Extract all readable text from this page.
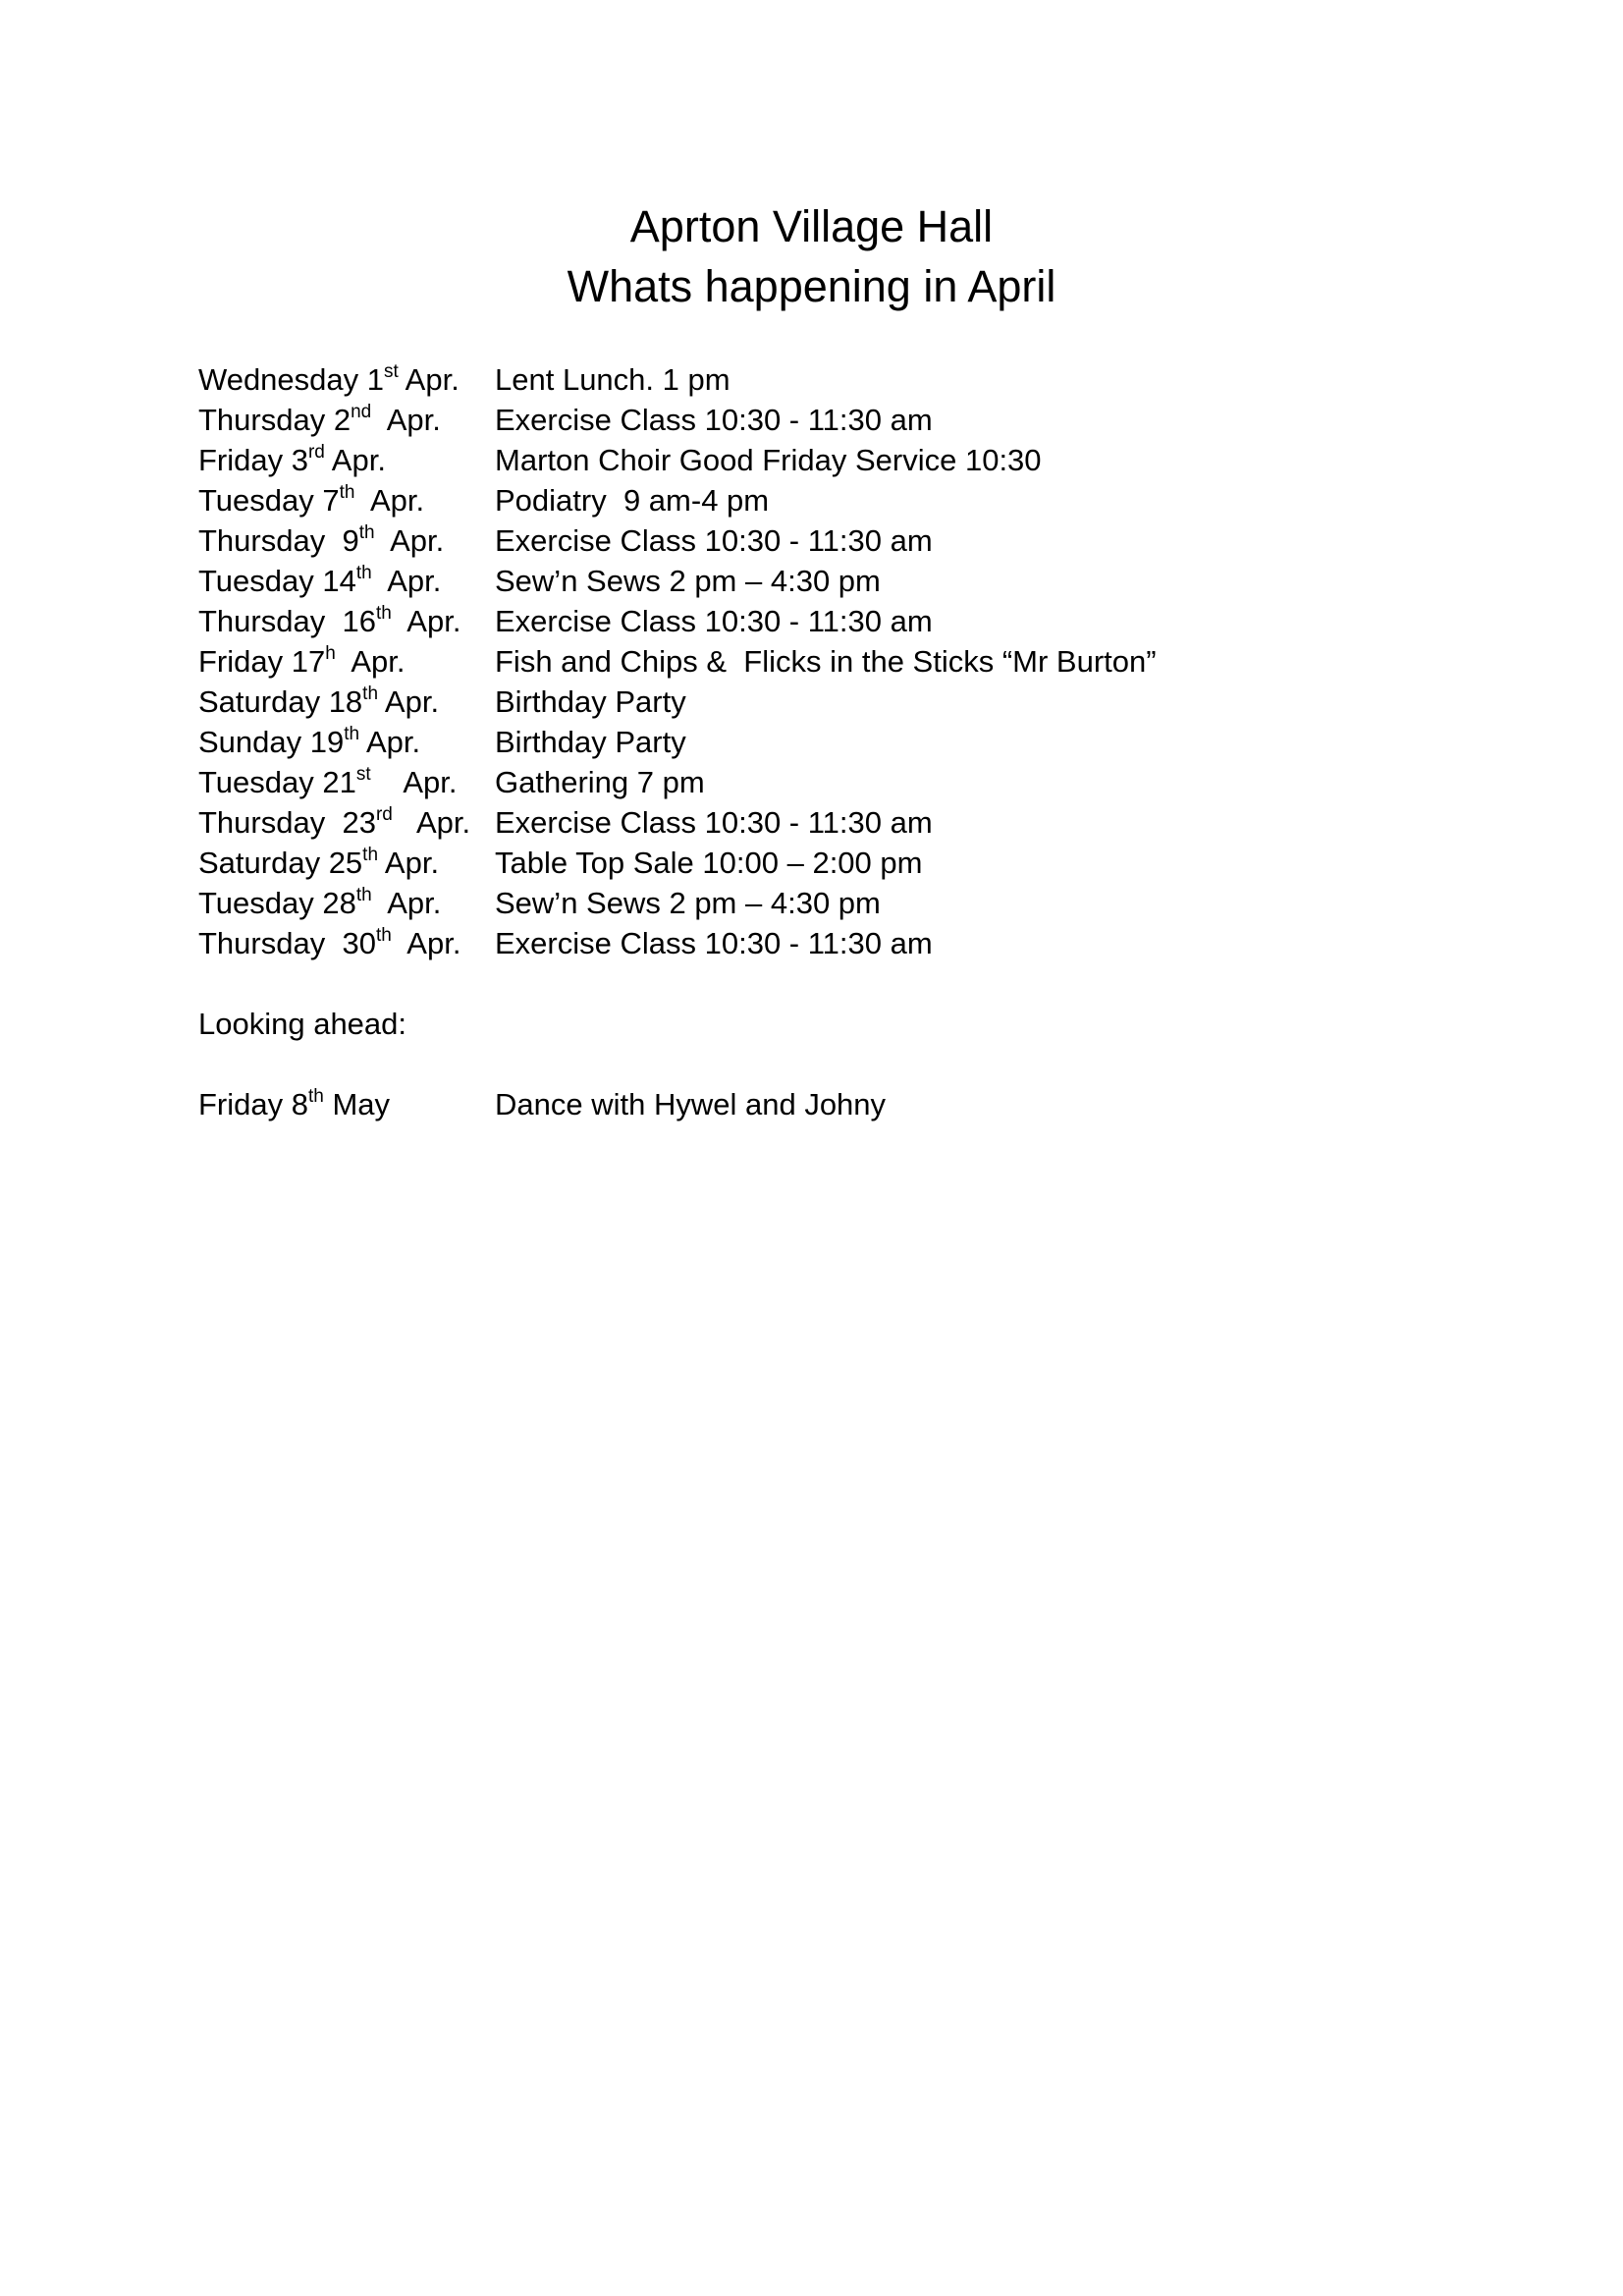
Aprton Village Hall
Whats happening in April
Wednesday 1st Apr.	Lent Lunch. 1 pm
Thursday 2nd  Apr.	Exercise Class 10:30 - 11:30 am
Friday 3rd Apr.	Marton Choir Good Friday Service 10:30
Tuesday 7th  Apr.	Podiatry  9 am-4 pm
Thursday  9th  Apr.	Exercise Class 10:30 - 11:30 am
Tuesday 14th  Apr.	Sew’n Sews 2 pm – 4:30 pm
Thursday  16th  Apr.	Exercise Class 10:30 - 11:30 am
Friday 17$^h$  Apr.	Fish and Chips &  Flicks in the Sticks “Mr Burton”
Saturday 18th Apr.	Birthday Party
Sunday 19th Apr.	Birthday Party
Tuesday 21st    Apr.	Gathering 7 pm
Thursday  23rd   Apr. Exercise Class 10:30 - 11:30 am
Saturday 25th Apr.	Table Top Sale 10:00 – 2:00 pm
Tuesday 28th  Apr.	Sew’n Sews 2 pm – 4:30 pm
Thursday  30th  Apr.	Exercise Class 10:30 - 11:30 am
Looking ahead:
Friday 8th May	Dance with Hywel and Johny
